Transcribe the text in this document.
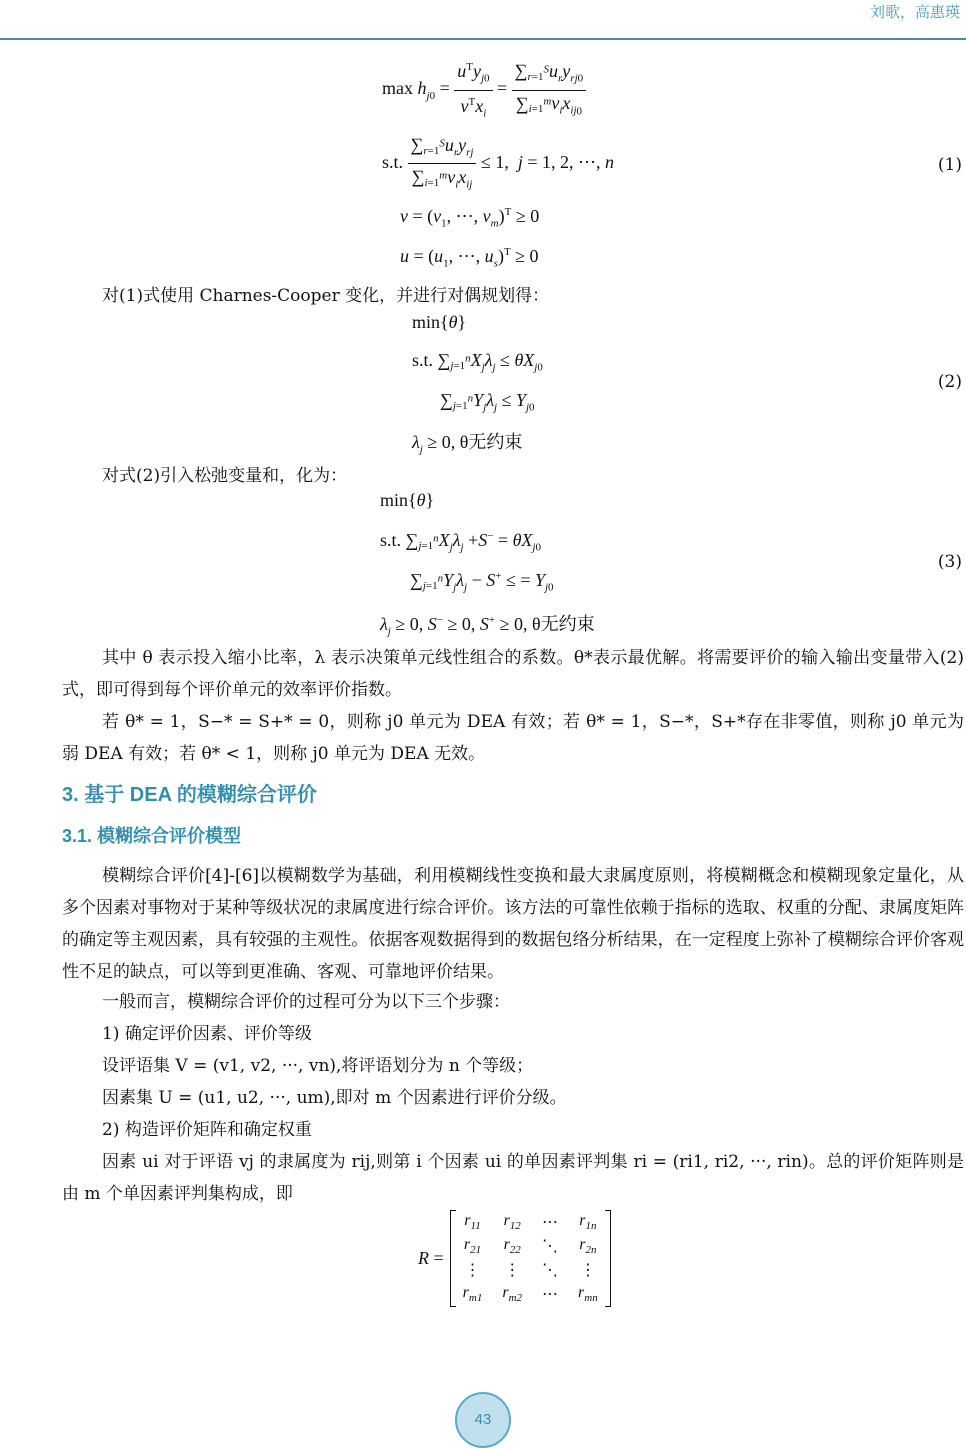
刘歌，高惠瑛
$\max h_{j0} = \frac{u^Ty_{j0}}{v^Tx_i} = \frac{\sum_{r=1}^Su_ry_{rj0}}{\sum_{i=1}^mv_ix_{ij0}}$
s.t. $\frac{\sum_{r=1}^Su_ry_{rj}}{\sum_{i=1}^mv_ix_{ij}} \le 1$,  j = 1, 2, ⋯, n	(1)
$v = (v_1$, ⋯, $v_m)^T \ge 0$
$u = (u_1$, ⋯, $u_s)^T \ge 0$
对(1)式使用 Charnes-Cooper 变化，并进行对偶规划得：
min{θ}
s.t. $\sum_{j=1}^nX_j\lambda_j \le \theta X_{j0}$
$\sum_{j=1}^nY_j\lambda_j \le Y_{j0}$
$\lambda_j \ge 0$, θ无约束
(2)
对式(2)引入松弛变量和，化为：
min{θ}
s.t. $\sum_{j=1}^nX_j\lambda_j +S^- = \theta X_{j0}$
$\sum_{j=1}^nY_j\lambda_j - S^+$ ≤ = $Y_{j0}$
$\lambda_j \ge 0$, S− ≥ 0, S+ ≥ 0, θ无约束
(3)
其中 θ 表示投入缩小比率，λ 表示决策单元线性组合的系数。θ*表示最优解。将需要评价的输入输出变量带入(2)式，即可得到每个评价单元的效率评价指数。
若 θ* = 1，S−* = S+* = 0，则称 j0 单元为 DEA 有效；若 θ* = 1，S−*，S+*存在非零值，则称 j0 单元为弱 DEA 有效；若 θ* < 1，则称 j0 单元为 DEA 无效。
3. 基于 DEA 的模糊综合评价
3.1. 模糊综合评价模型
模糊综合评价[4]-[6]以模糊数学为基础，利用模糊线性变换和最大隶属度原则，将模糊概念和模糊现象定量化，从多个因素对事物对于某种等级状况的隶属度进行综合评价。该方法的可靠性依赖于指标的选取、权重的分配、隶属度矩阵的确定等主观因素，具有较强的主观性。依据客观数据得到的数据包络分析结果，在一定程度上弥补了模糊综合评价客观性不足的缺点，可以等到更准确、客观、可靠地评价结果。
一般而言，模糊综合评价的过程可分为以下三个步骤：
1) 确定评价因素、评价等级
设评语集 V = (v1, v2, ···, vn),将评语划分为 n 个等级；
因素集 U = (u1, u2, ···, um),即对 m 个因素进行评价分级。
2) 构造评价矩阵和确定权重
因素 ui 对于评语 vj 的隶属度为 rij,则第 i 个因素 ui 的单因素评判集 ri = (ri1, ri2, ···, rin)。总的评价矩阵则是由 m 个单因素评判集构成，即
R =
$r_{11}$	$r_{12}$	⋯	$r_{1n}$
$r_{21}$	$r_{22}$	⋱	$r_{2n}$
⋮	⋮	⋱	⋮
$r_{m1}$	$r_{m2}$	⋯	$r_{mn}$
43
